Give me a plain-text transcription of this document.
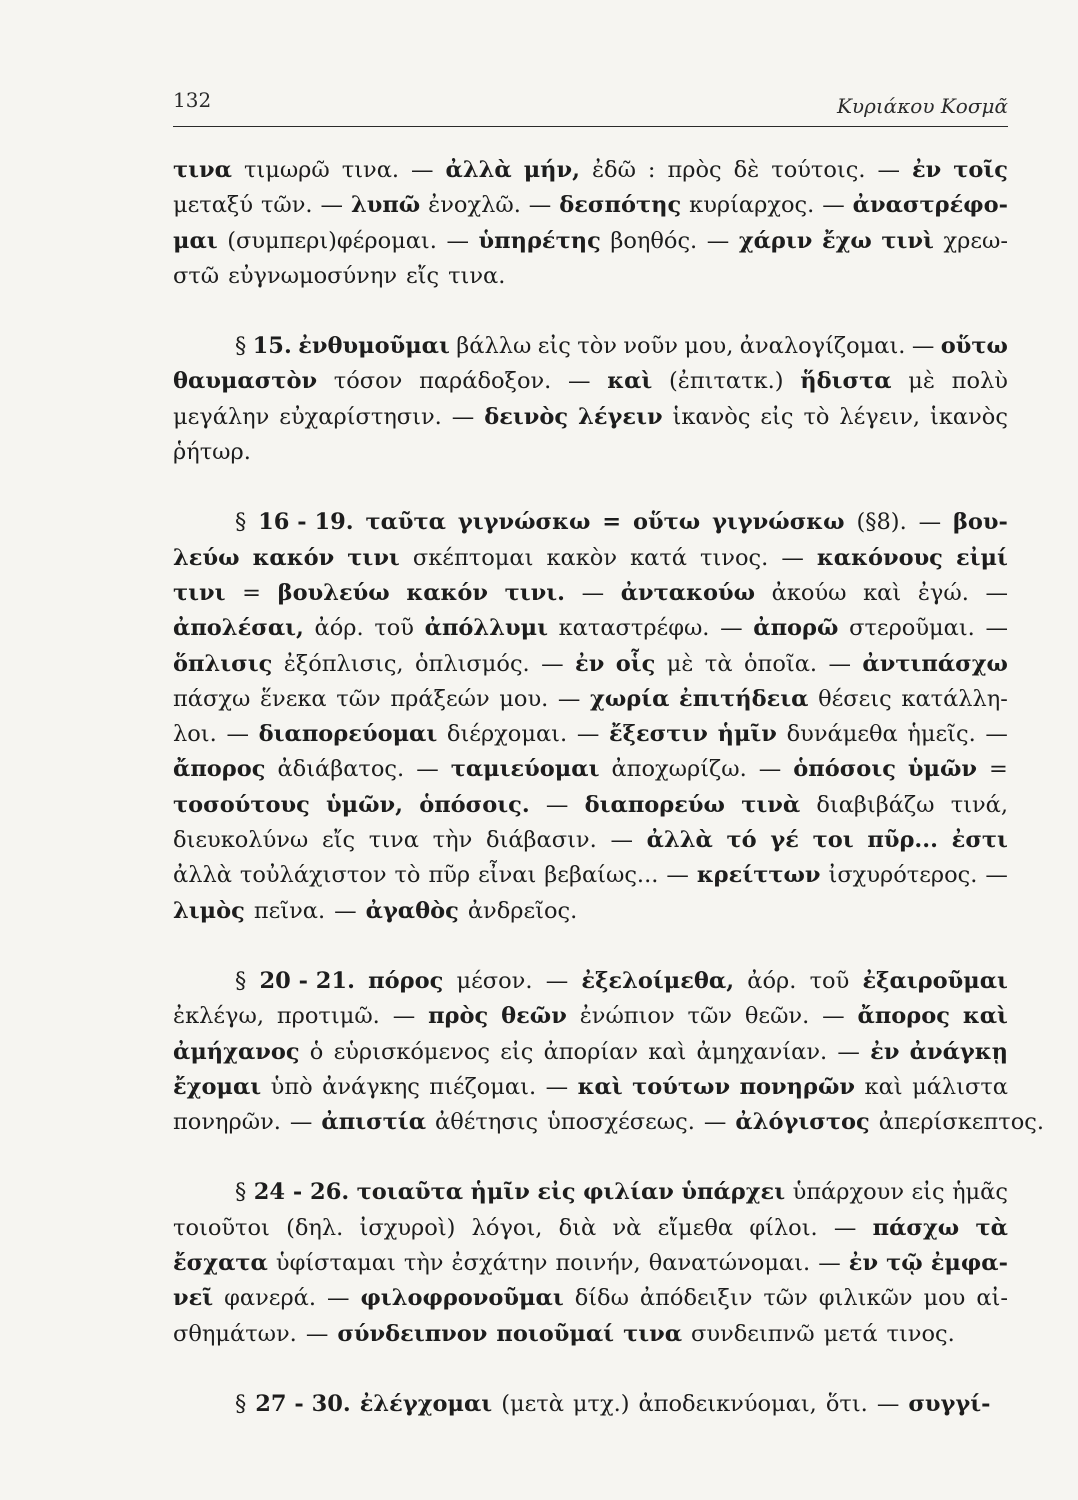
132	Κυριάκου Κοσμᾶ
τινα τιμωρῶ τινα. — ἀλλὰ μήν, ἐδῶ : πρὸς δὲ τούτοις. — ἐν τοῖς
μεταξύ τῶν. — λυπῶ ἐνοχλῶ. — δεσπότης κυρίαρχος. — ἀναστρέφο-
μαι (συμπερι)φέρομαι. — ὑπηρέτης βοηθός. — χάριν ἔχω τινὶ χρεω-
στῶ εὐγνωμοσύνην εἴς τινα.
§ 15. ἐνθυμοῦμαι βάλλω εἰς τὸν νοῦν μου, ἀναλογίζομαι. — οὕτω
θαυμαστὸν τόσον παράδοξον. — καὶ (ἐπιτατκ.) ἥδιστα μὲ πολὺ
μεγάλην εὐχαρίστησιν. — δεινὸς λέγειν ἱκανὸς εἰς τὸ λέγειν, ἱκανὸς
ῥήτωρ.
§ 16 - 19. ταῦτα γιγνώσκω = οὕτω γιγνώσκω (§8). — βου-
λεύω κακόν τινι σκέπτομαι κακὸν κατά τινος. — κακόνους εἰμί
τινι = βουλεύω κακόν τινι. — ἀντακούω ἀκούω καὶ ἐγώ. —
ἀπολέσαι, ἀόρ. τοῦ ἀπόλλυμι καταστρέφω. — ἀπορῶ στεροῦμαι. —
ὅπλισις ἐξόπλισις, ὁπλισμός. — ἐν οἷς μὲ τὰ ὁποῖα. — ἀντιπάσχω
πάσχω ἕνεκα τῶν πράξεών μου. — χωρία ἐπιτήδεια θέσεις κατάλλη-
λοι. — διαπορεύομαι διέρχομαι. — ἔξεστιν ἡμῖν δυνάμεθα ἡμεῖς. —
ἄπορος ἀδιάβατος. — ταμιεύομαι ἀποχωρίζω. — ὁπόσοις ὑμῶν =
τοσούτους ὑμῶν, ὁπόσοις. — διαπορεύω τινὰ διαβιβάζω τινά,
διευκολύνω εἴς τινα τὴν διάβασιν. — ἀλλὰ τό γέ τοι πῦρ... ἐστι
ἀλλὰ τοὐλάχιστον τὸ πῦρ εἶναι βεβαίως... — κρείττων ἰσχυρότερος. —
λιμὸς πεῖνα. — ἀγαθὸς ἀνδρεῖος.
§ 20 - 21. πόρος μέσον. — ἐξελοίμεθα, ἀόρ. τοῦ ἐξαιροῦμαι
ἐκλέγω, προτιμῶ. — πρὸς θεῶν ἐνώπιον τῶν θεῶν. — ἄπορος καὶ
ἀμήχανος ὁ εὑρισκόμενος εἰς ἀπορίαν καὶ ἀμηχανίαν. — ἐν ἀνάγκῃ
ἔχομαι ὑπὸ ἀνάγκης πιέζομαι. — καὶ τούτων πονηρῶν καὶ μάλιστα
πονηρῶν. — ἀπιστία ἀθέτησις ὑποσχέσεως. — ἀλόγιστος ἀπερίσκεπτος.
§ 24 - 26. τοιαῦτα ἡμῖν εἰς φιλίαν ὑπάρχει ὑπάρχουν εἰς ἡμᾶς
τοιοῦτοι (δηλ. ἰσχυροὶ) λόγοι, διὰ νὰ εἴμεθα φίλοι. — πάσχω τὰ
ἔσχατα ὑφίσταμαι τὴν ἐσχάτην ποινήν, θανατώνομαι. — ἐν τῷ ἐμφα-
νεῖ φανερά. — φιλοφρονοῦμαι δίδω ἀπόδειξιν τῶν φιλικῶν μου αἰ-
σθημάτων. — σύνδειπνον ποιοῦμαί τινα συνδειπνῶ μετά τινος.
§ 27 - 30. ἐλέγχομαι (μετὰ μτχ.) ἀποδεικνύομαι, ὅτι. — συγγί-
